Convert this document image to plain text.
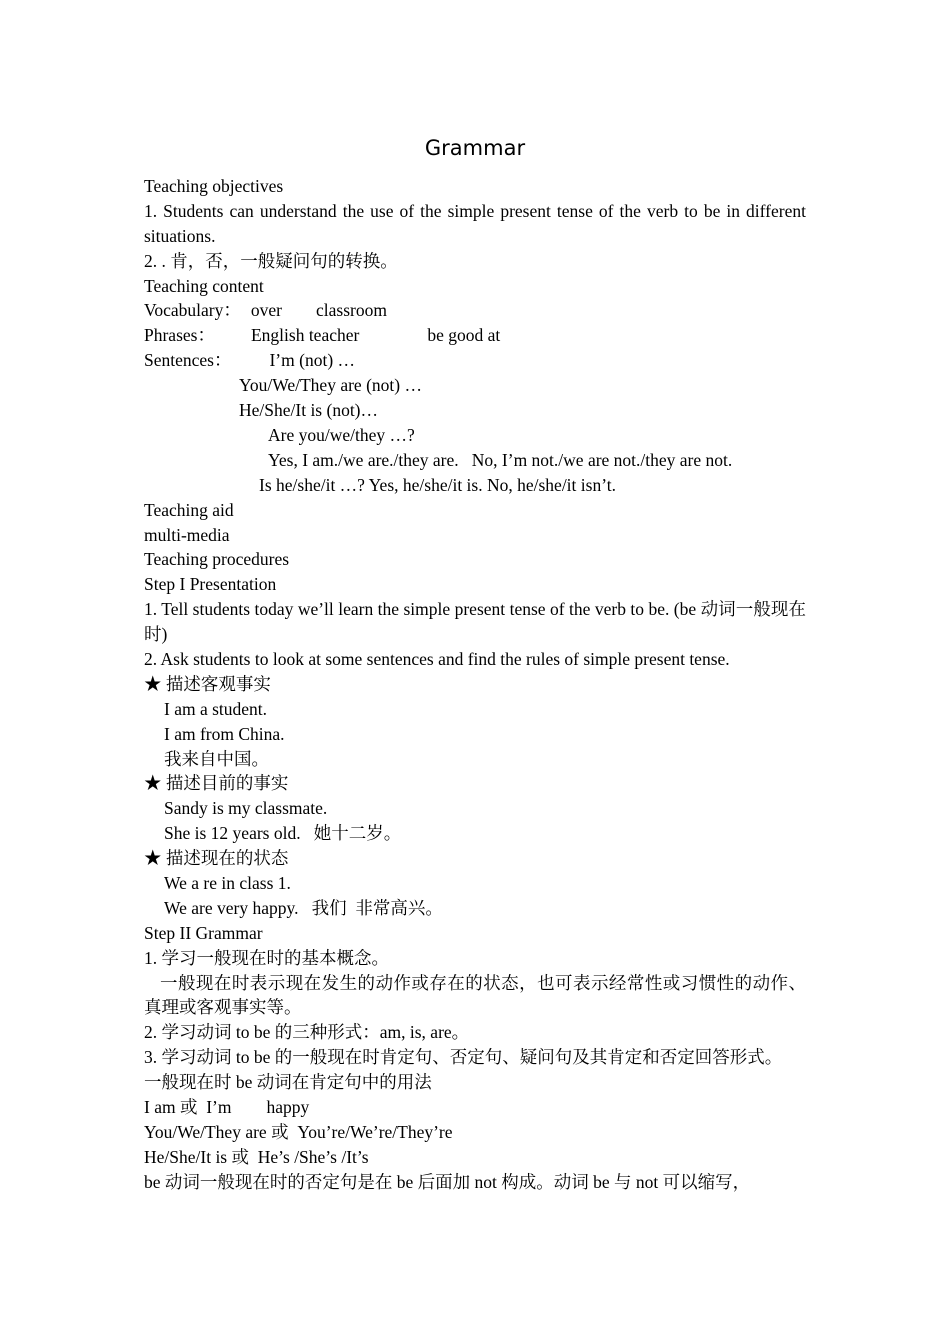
Grammar
Teaching objectives
1. Students can understand the use of the simple present tense of the verb to be in different situations.
2. . 肯，否，一般疑问句的转换。
Teaching content
Vocabulary： over classroom
Phrases： English teacher	be good at
Sentences： I’m (not) …
You/We/They are (not) …
He/She/It is (not)…
Are you/we/they …?
Yes, I am./we are./they are.   No, I’m not./we are not./they are not.
Is he/she/it …? Yes, he/she/it is. No, he/she/it isn’t.
Teaching aid
multi-media
Teaching procedures
Step I Presentation
1. Tell students today we’ll learn the simple present tense of the verb to be. (be 动词一般现在时)
2. Ask students to look at some sentences and find the rules of simple present tense.
★ 描述客观事实
I am a student.
I am from China.
我来自中国。
★ 描述目前的事实
Sandy is my classmate.
She is 12 years old.   她十二岁。
★ 描述现在的状态
We a re in class 1.
We are very happy.   我们  非常高兴。
Step II Grammar
1. 学习一般现在时的基本概念。
一般现在时表示现在发生的动作或存在的状态，也可表示经常性或习惯性的动作、真理或客观事实等。
2. 学习动词 to be 的三种形式：am, is, are。
3. 学习动词 to be 的一般现在时肯定句、否定句、疑问句及其肯定和否定回答形式。
一般现在时 be 动词在肯定句中的用法
I am 或  I’m        happy
You/We/They are 或  You’re/We’re/They’re
He/She/It is 或  He’s /She’s /It’s
be 动词一般现在时的否定句是在 be 后面加 not 构成。动词 be 与 not 可以缩写，
